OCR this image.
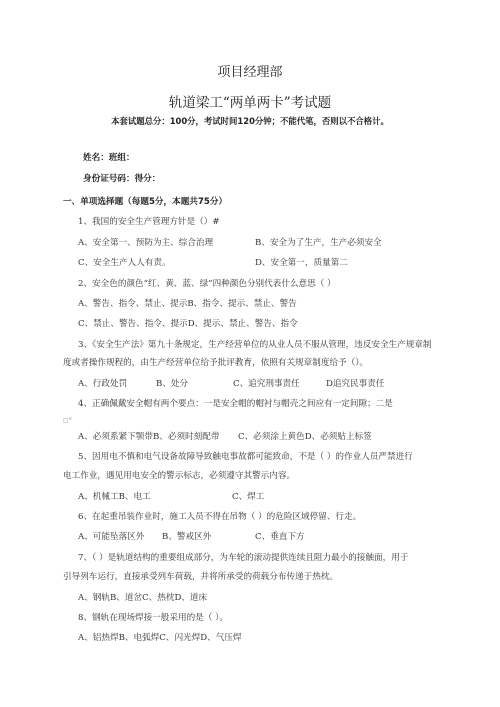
项目经理部
轨道梁工“两单两卡”考试题
本套试题总分：100分，考试时间120分钟；不能代笔，否则以不合格计。
姓名：班组：
身份证号码：得分：
一、单项选择题（每题5分，本题共75分）
1、我国的安全生产管理方针是（）#
A、安全第一、预防为主、综合治理	B、安全为了生产，生产必须安全
C、安全生产人人有责。	D、安全第一，质量第二
2、安全色的颜色“红、黄、蓝、绿”四种颜色分别代表什么意思（ ）
A、警告、指令、禁止、提示B、指令、提示、禁止、警告
C、禁止、警告、指令、提示D、提示、禁止、警告、指令
3、《安全生产法》第九十条规定，生产经营单位的从业人员不服从管理，违反安全生产规章制
度或者操作规程的，由生产经营单位给予批评教育，依照有关规章制度给予（）。
A、行政处罚	B、处分	C、追究刑事责任	D追究民事责任
4、正确佩戴安全帽有两个要点：一是安全帽的帽衬与帽壳之间应有一定间隙；二是
□*
A、必须系紧下颚带B、必须时刻配带 C、必须涂上黄色D、必须贴上标签
5、因用电不慎和电气设备故障导致触电事故都可能致命，不是（ ）的作业人员严禁进行
电工作业，遇见用电安全的警示标志，必须遵守其警示内容。
A、机械工B、电工	C、焊工
6、在起重吊装作业时，施工人员不得在吊物（ ）的危险区域停留、行走。
A、可能坠落区外 B、警戒区外	C、垂直下方
7、（ ）是轨道结构的重要组成部分，为车轮的滚动提供连续且阻力最小的接触面，用于
引导列车运行，直接承受列车荷载，并将所承受的荷载分布传递于热枕。
A、钢轨B、道岔C、热枕D、道床
8、钢轨在现场焊接一般采用的是（ ）。
A、铝热焊B、电弧焊C、闪光焊D、气压焊
